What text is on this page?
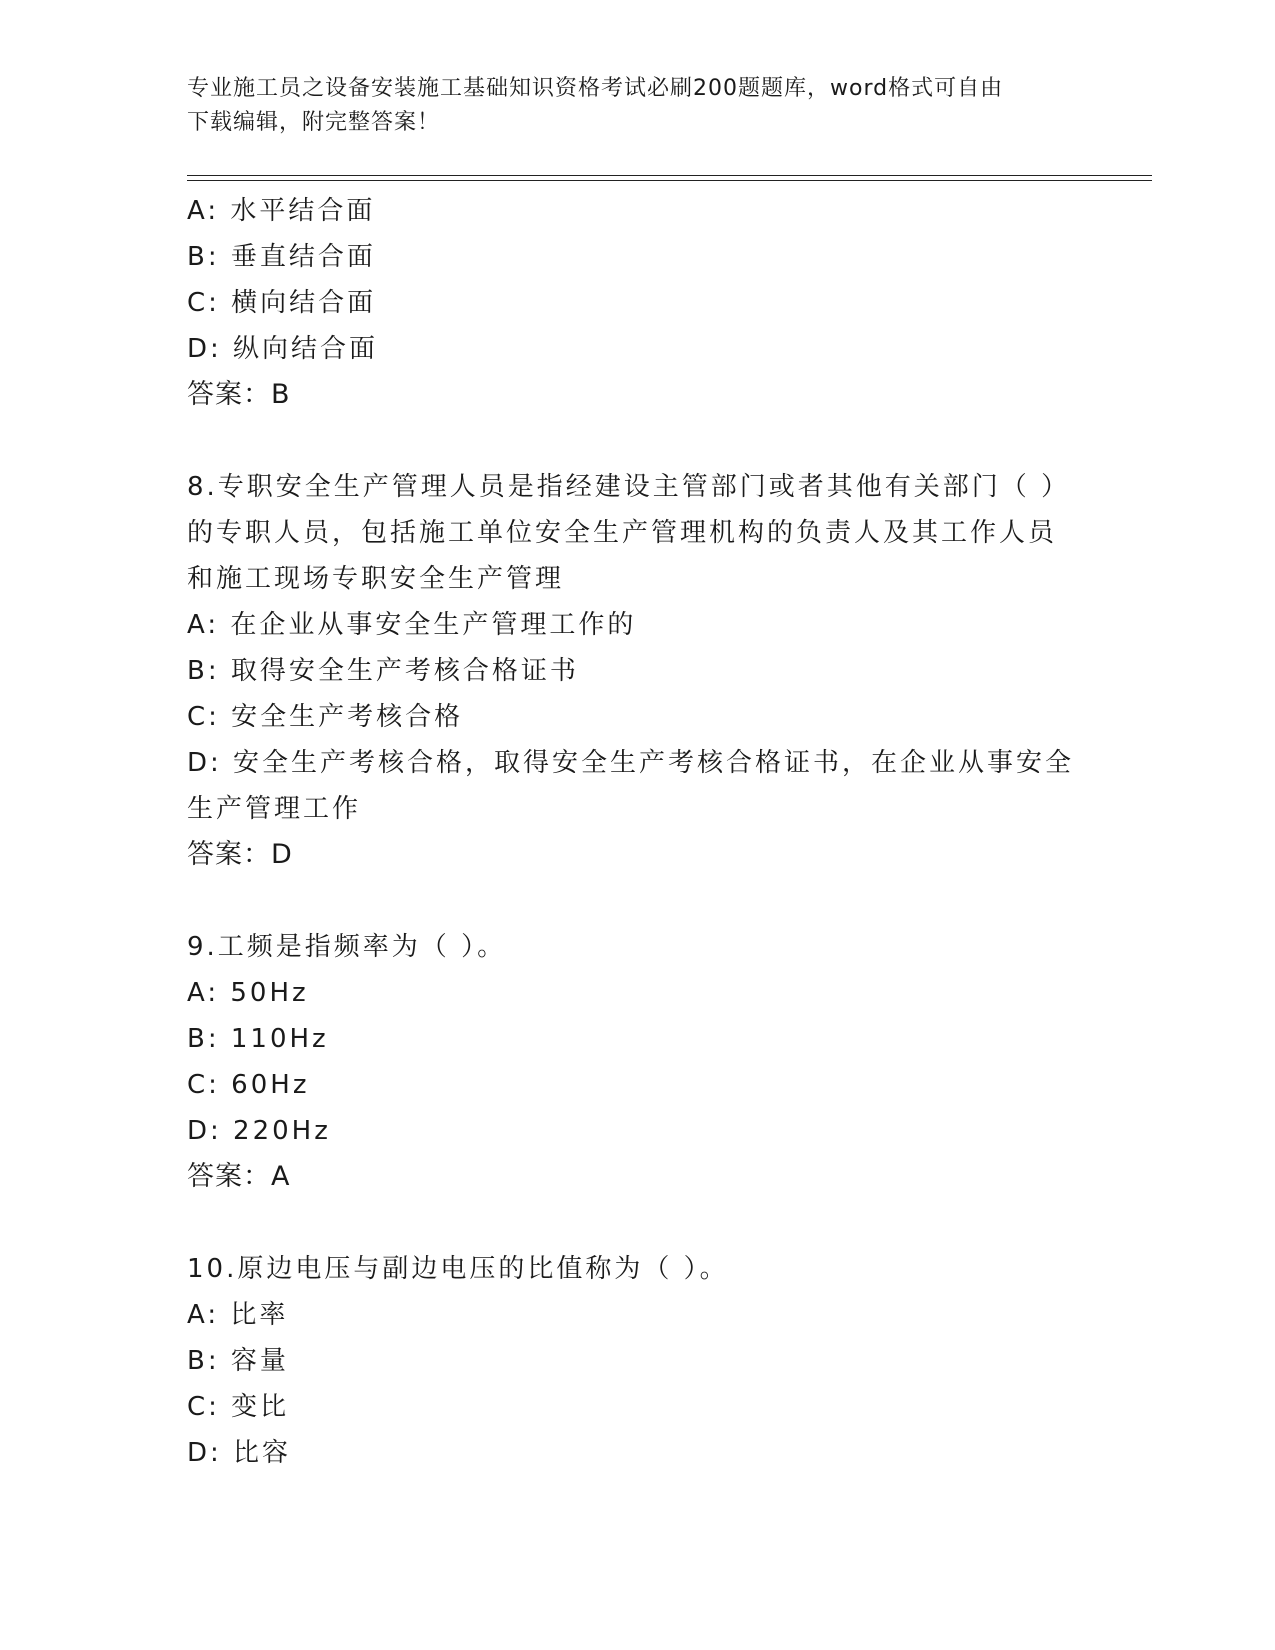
专业施工员之设备安装施工基础知识资格考试必刷200题题库，word格式可自由
下载编辑，附完整答案！
A: 水平结合面
B: 垂直结合面
C: 横向结合面
D: 纵向结合面
答案：B
8.专职安全生产管理人员是指经建设主管部门或者其他有关部门（ ）
的专职人员，包括施工单位安全生产管理机构的负责人及其工作人员
和施工现场专职安全生产管理
A: 在企业从事安全生产管理工作的
B: 取得安全生产考核合格证书
C: 安全生产考核合格
D: 安全生产考核合格，取得安全生产考核合格证书，在企业从事安全
生产管理工作
答案：D
9.工频是指频率为（ ）。
A: 50Hz
B: 110Hz
C: 60Hz
D: 220Hz
答案：A
10.原边电压与副边电压的比值称为（ ）。
A: 比率
B: 容量
C: 变比
D: 比容
